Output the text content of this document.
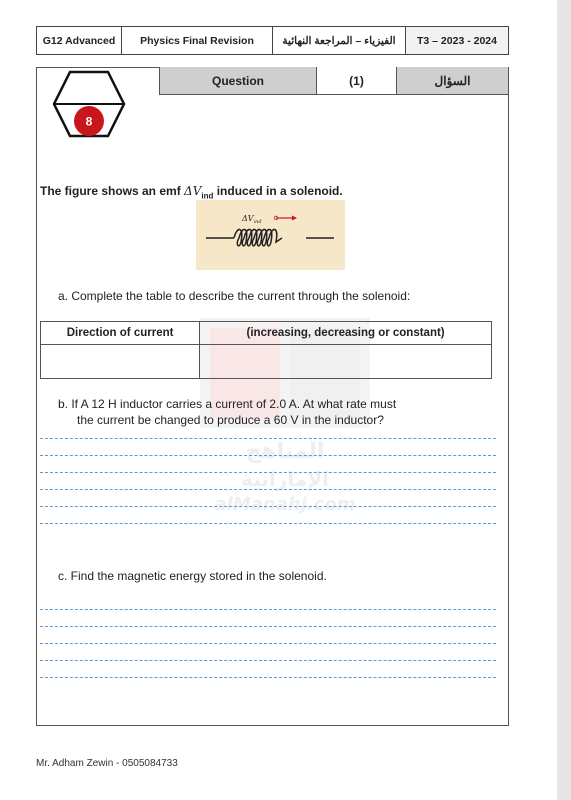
G12 Advanced	Physics Final Revision	الفيزياء – المراجعة النهائية	T3 – 2023 - 2024
Question	(1)	السؤال
8
The figure shows an emf $\Delta V_{ind}$ induced in a solenoid.
$\Delta V_{ind}$
المناهج
الإماراتية
alManahj.com
a. Complete the table to describe the current through the solenoid:
Direction of current	(increasing, decreasing or constant)

b. If A 12 H inductor carries a current of 2.0 A. At what rate must
the current be changed to produce a 60 V in the inductor?
c. Find the magnetic energy stored in the solenoid.
Mr. Adham Zewin - 0505084733
